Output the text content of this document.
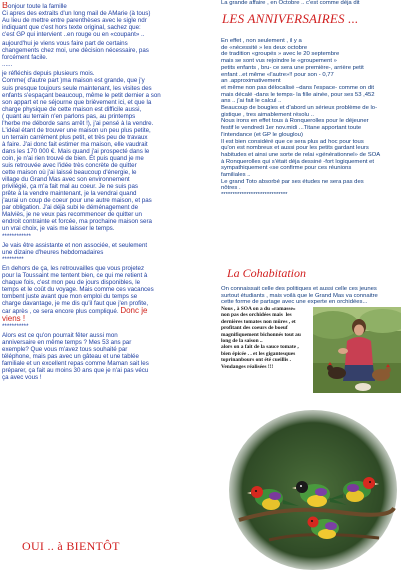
Bonjour toute la famille

Ci apres des extraits d'un long mail de AMarie (à tous)
Au lieu de mettre entre parenthèses avec le sigle ndr
indiquant que c'est hors texte original, sachez que:
c'est GP qui intervient ..en rouge ou en «coupant» ..

aujourd'hui je viens vous faire part de certains
changements chez moi, une décision nécessaire, pas
forcément facile.

......

je réfléchis depuis plusieurs mois.
Comme( d'autre part )ma maison est grande, que j'y
suis presque toujours seule maintenant, les visites des
enfants s'espaçant beaucoup, même le petit dernier a son
son appart et ne séjourne que brièvement ici, et que la
charge physique de cette maison est difficile aussi,
( quant au terrain n'en parlons pas, au printemps
l'herbe me déborde sans arrêt !), j'ai pensé à la vendre.
L'idéal étant de trouver une maison un peu plus petite,
un terrain carrément plus petit, et très peu de travaux
à faire. J'ai donc fait estimer ma maison, elle vaudrait
dans les 170 000 €. Mais quand j'ai prospecté dans le
coin, je n'ai rien trouvé de bien. Et puis quand je me
suis retrouvée avec l'idée très concrète de quitter
cette maison où j'ai laissé beaucoup d'énergie, le
village du Grand Mas avec son environnement
privilégié, ça m'a fait mal au coeur. Je ne suis pas
prête à la vendre maintenant, je la vendrai quand
j'aurai un coup de coeur pour une autre maison, et pas
par obligation. J'ai déjà subi le déménagement de
Malviès, je ne veux pas recommencer de quitter un
endroit contrainte et forcée, ma prochaine maison sera
un vrai choix, je vais me laisser le temps.

************

Je vais être assistante et non associée, et seulement
une dizaine d'heures hebdomadaires

*********

En dehors de ça, les retrouvailles que vous projetez
pour la Toussaint me tentent bien, ce qui me retient à
chaque fois, c'est mon peu de jours disponibles, le
temps et le coût du voyage. Mais comme ces vacances
tombent juste avant que mon emploi du temps se
charge davantage, je me dis qu'il faut que j'en profite,
car après , ce sera encore plus compliqué. Donc je
viens !

***********

Alors est ce qu'on pourrait fêter aussi mon
anniversaire en même temps ? Mes 53 ans par
exemple? Que vous m'avez tous souhaité par
téléphone, mais pas avec un gâteau et une tablée
familiale et un excellent repas comme Maman sait les
préparer, ça fait au moins 30 ans que je n'ai pas vécu
ça avec vous !

OUI .. à BIENTÔT

La grande affaire , en Octobre .. c'est comme déja dit

LES ANNIVERSAIRES ...

En effet , non seulement , il y a
de «nécessité » les deux octobre
de tradition «groupés » avec le 20 septembre
mais se sont vus rejoindre le «groupement »
petits enfants , bru- ce sera une première-, arrière petit
enfant ..et même «l'autre»!! pour son - 0,77
an .approximativement
et même non pas délocalisé –dans l'espace- comme on dit
mais décalé -dans le temps- la fille ainée, pour ses 53 ,452
ans .. j'ai fait le calcul ..
Beaucoup de bougies et d'abord un sérieux problème de lo-
gistique , tres aimablement résolu ..
Nous irons en effet tous à Ronquerolles pour le déjeuner
festif le vendredi 1er nov.midi ...Titane apportant toute
l'intendance (et GP le glouglou)
Il est bien considéré que ce sera plus ad hoc pour tous
qu'on est nombreux et aussi pour les petits gardant leurs
habitudes et ainsi une sorte de relai «générationnel» de SOA
à Ronquerolles qui s'était déja dessiné -fort logiquement et
sympathiquement «se confirme pour ces réunions
familiales ..
Le grand Toto absorbé par ses études ne sera pas des
nôtres .

*****************************

La Cohabitation

On connaissait celle des politiques et aussi celle ces jeunes
surtout étudiants , mais voilà que le Grand Mas va connaitre
cette forme de partage avec une experte en orchidées...

Nous , à SOA on a du «ramasse»
non pas des orchidées mais  les
dernières tomates non mûres , et
profitant des coeurs de boeuf
magnifiquement bichonnés tout au
long de la saison ..
alors on a fait de la sauce tomate ,
bien épicée . . et les gigantesques
toprinanbours ont été cueillis .
Vendanges réalisées !!!
